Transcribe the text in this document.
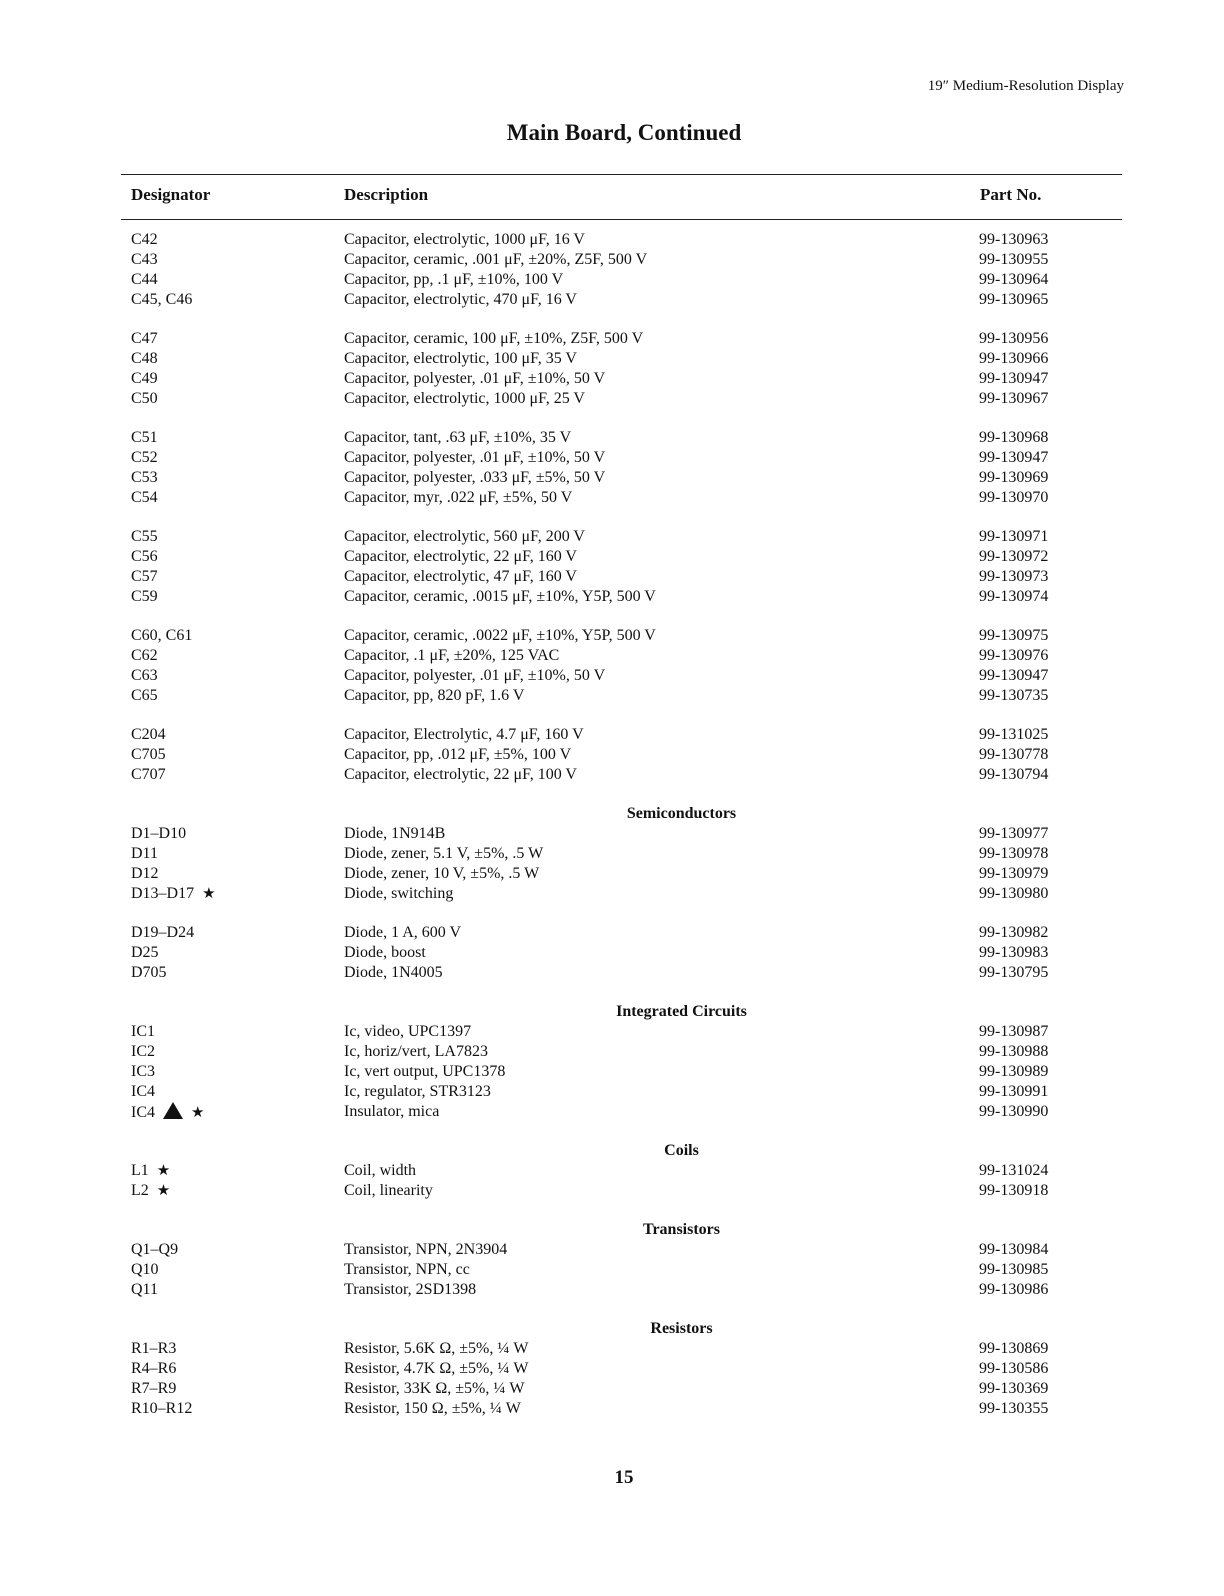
19″ Medium-Resolution Display
Main Board, Continued
Designator	Description	Part No.
C42	Capacitor, electrolytic, 1000 μF, 16 V	99-130963
C43	Capacitor, ceramic, .001 μF, ±20%, Z5F, 500 V	99-130955
C44	Capacitor, pp, .1 μF, ±10%, 100 V	99-130964
C45, C46	Capacitor, electrolytic, 470 μF, 16 V	99-130965
C47	Capacitor, ceramic, 100 μF, ±10%, Z5F, 500 V	99-130956
C48	Capacitor, electrolytic, 100 μF, 35 V	99-130966
C49	Capacitor, polyester, .01 μF, ±10%, 50 V	99-130947
C50	Capacitor, electrolytic, 1000 μF, 25 V	99-130967
C51	Capacitor, tant, .63 μF, ±10%, 35 V	99-130968
C52	Capacitor, polyester, .01 μF, ±10%, 50 V	99-130947
C53	Capacitor, polyester, .033 μF, ±5%, 50 V	99-130969
C54	Capacitor, myr, .022 μF, ±5%, 50 V	99-130970
C55	Capacitor, electrolytic, 560 μF, 200 V	99-130971
C56	Capacitor, electrolytic, 22 μF, 160 V	99-130972
C57	Capacitor, electrolytic, 47 μF, 160 V	99-130973
C59	Capacitor, ceramic, .0015 μF, ±10%, Y5P, 500 V	99-130974
C60, C61	Capacitor, ceramic, .0022 μF, ±10%, Y5P, 500 V	99-130975
C62	Capacitor, .1 μF, ±20%, 125 VAC	99-130976
C63	Capacitor, polyester, .01 μF, ±10%, 50 V	99-130947
C65	Capacitor, pp, 820 pF, 1.6 V	99-130735
C204	Capacitor, Electrolytic, 4.7 μF, 160 V	99-131025
C705	Capacitor, pp, .012 μF, ±5%, 100 V	99-130778
C707	Capacitor, electrolytic, 22 μF, 100 V	99-130794
Semiconductors
D1–D10	Diode, 1N914B	99-130977
D11	Diode, zener, 5.1 V, ±5%, .5 W	99-130978
D12	Diode, zener, 10 V, ±5%, .5 W	99-130979
D13–D17 ★	Diode, switching	99-130980
D19–D24	Diode, 1 A, 600 V	99-130982
D25	Diode, boost	99-130983
D705	Diode, 1N4005	99-130795
Integrated Circuits
IC1	Ic, video, UPC1397	99-130987
IC2	Ic, horiz/vert, LA7823	99-130988
IC3	Ic, vert output, UPC1378	99-130989
IC4	Ic, regulator, STR3123	99-130991
IC4 ★	Insulator, mica	99-130990
Coils
L1 ★	Coil, width	99-131024
L2 ★	Coil, linearity	99-130918
Transistors
Q1–Q9	Transistor, NPN, 2N3904	99-130984
Q10	Transistor, NPN, cc	99-130985
Q11	Transistor, 2SD1398	99-130986
Resistors
R1–R3	Resistor, 5.6K Ω, ±5%, ¼ W	99-130869
R4–R6	Resistor, 4.7K Ω, ±5%, ¼ W	99-130586
R7–R9	Resistor, 33K Ω, ±5%, ¼ W	99-130369
R10–R12	Resistor, 150 Ω, ±5%, ¼ W	99-130355
15
